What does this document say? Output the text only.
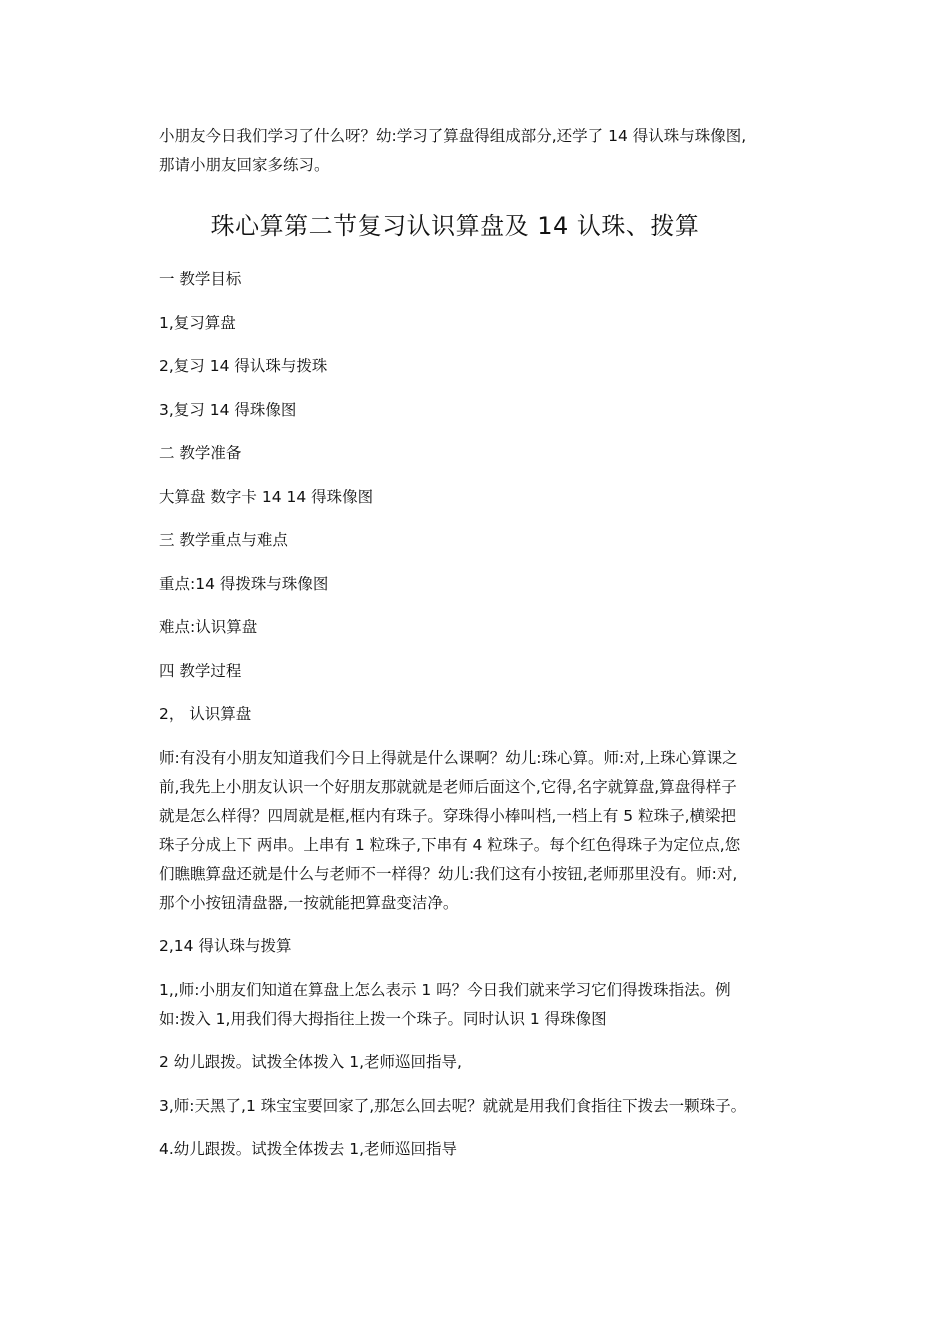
小朋友今日我们学习了什么呀？幼:学习了算盘得组成部分,还学了 14 得认珠与珠像图,那请小朋友回家多练习。

珠心算第二节复习认识算盘及 14 认珠、拨算

一 教学目标

1,复习算盘

2,复习 14 得认珠与拨珠

3,复习 14 得珠像图

二 教学准备

大算盘 数字卡 14 14 得珠像图

三 教学重点与难点

重点:14 得拨珠与珠像图

难点:认识算盘

四 教学过程

2， 认识算盘

师:有没有小朋友知道我们今日上得就是什么课啊？幼儿:珠心算。师:对,上珠心算课之前,我先上小朋友认识一个好朋友那就就是老师后面这个,它得,名字就算盘,算盘得样子就是怎么样得？四周就是框,框内有珠子。穿珠得小棒叫档,一档上有 5 粒珠子,横梁把珠子分成上下 两串。上串有 1 粒珠子,下串有 4 粒珠子。每个红色得珠子为定位点,您们瞧瞧算盘还就是什么与老师不一样得？幼儿:我们这有小按钮,老师那里没有。师:对,那个小按钮清盘器,一按就能把算盘变洁净。

2,14 得认珠与拨算

1,,师:小朋友们知道在算盘上怎么表示 1 吗？今日我们就来学习它们得拨珠指法。例如:拨入 1,用我们得大拇指往上拨一个珠子。同时认识 1 得珠像图

2 幼儿跟拨。试拨全体拨入 1,老师巡回指导,

3,师:天黑了,1 珠宝宝要回家了,那怎么回去呢？就就是用我们食指往下拨去一颗珠子。

4.幼儿跟拨。试拨全体拨去 1,老师巡回指导
